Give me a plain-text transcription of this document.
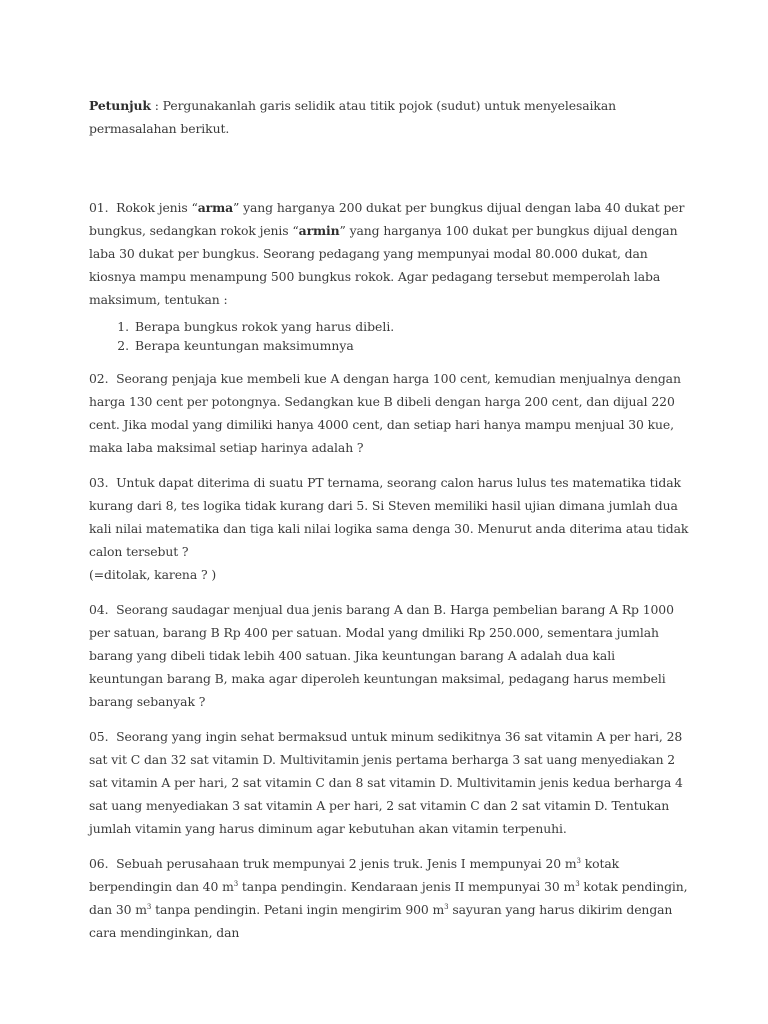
Petunjuk : Pergunakanlah garis selidik atau titik pojok (sudut) untuk menyelesaikan permasalahan berikut.

01. Rokok jenis “arma” yang harganya 200 dukat per bungkus dijual dengan laba 40 dukat per bungkus, sedangkan rokok jenis “armin” yang harganya 100 dukat per bungkus dijual dengan laba 30 dukat per bungkus. Seorang pedagang yang mempunyai modal 80.000 dukat, dan kiosnya mampu menampung 500 bungkus rokok. Agar pedagang tersebut memperolah laba maksimum, tentukan :

1. Berapa bungkus rokok yang harus dibeli.
2. Berapa keuntungan maksimumnya

02. Seorang penjaja kue membeli kue A dengan harga 100 cent, kemudian menjualnya dengan harga 130 cent per potongnya. Sedangkan kue B dibeli dengan harga 200 cent, dan dijual 220 cent. Jika modal yang dimiliki hanya 4000 cent, dan setiap hari hanya mampu menjual 30 kue, maka laba maksimal setiap harinya adalah ?

03. Untuk dapat diterima di suatu PT ternama, seorang calon harus lulus tes matematika tidak kurang dari 8, tes logika tidak kurang dari 5. Si Steven memiliki hasil ujian dimana jumlah dua kali nilai matematika dan tiga kali nilai logika sama denga 30. Menurut anda diterima atau tidak calon tersebut ?
(=ditolak, karena ? )

04. Seorang saudagar menjual dua jenis barang A dan B. Harga pembelian barang A Rp 1000 per satuan, barang B Rp 400 per satuan. Modal yang dmiliki Rp 250.000, sementara jumlah barang yang dibeli tidak lebih 400 satuan. Jika keuntungan barang A adalah dua kali keuntungan barang B, maka agar diperoleh keuntungan maksimal, pedagang harus membeli barang sebanyak ?

05. Seorang yang ingin sehat bermaksud untuk minum sedikitnya 36 sat vitamin A per hari, 28 sat vit C dan 32 sat vitamin D. Multivitamin jenis pertama berharga 3 sat uang menyediakan 2 sat vitamin A per hari, 2 sat vitamin C dan 8 sat vitamin D. Multivitamin jenis kedua berharga 4 sat uang menyediakan 3 sat vitamin A per hari, 2 sat vitamin C dan 2 sat vitamin D. Tentukan jumlah vitamin yang harus diminum agar kebutuhan akan vitamin terpenuhi.

06. Sebuah perusahaan truk mempunyai 2 jenis truk. Jenis I mempunyai 20 $m^3$ kotak berpendingin dan 40 $m^3$ tanpa pendingin. Kendaraan jenis II mempunyai 30 $m^3$ kotak pendingin, dan 30 $m^3$ tanpa pendingin. Petani ingin mengirim 900 $m^3$ sayuran yang harus dikirim dengan cara mendinginkan, dan
